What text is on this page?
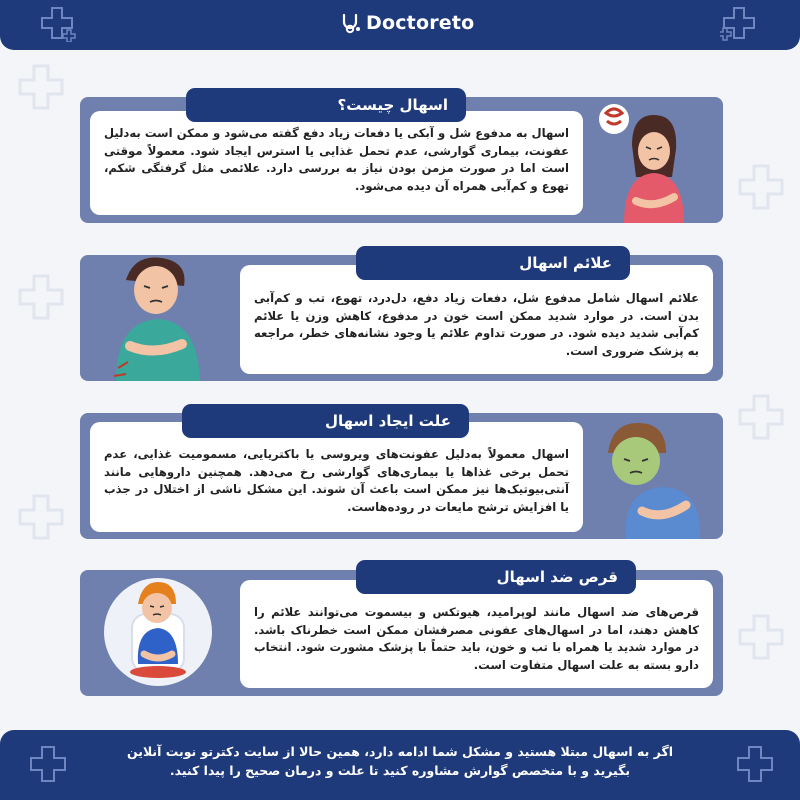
Doctoreto
اسهال به مدفوع شل و آبکی یا دفعات زیاد دفع گفته می‌شود و ممکن است به‌دلیل عفونت، بیماری گوارشی، عدم تحمل غذایی یا استرس ایجاد شود. معمولاً موقتی است اما در صورت مزمن بودن نیاز به بررسی دارد. علائمی مثل گرفتگی شکم، تهوع و کم‌آبی همراه آن دیده می‌شود.
اسهال چیست؟
علائم اسهال شامل مدفوع شل، دفعات زیاد دفع، دل‌درد، تهوع، تب و کم‌آبی بدن است. در موارد شدید ممکن است خون در مدفوع، کاهش وزن یا علائم کم‌آبی شدید دیده شود. در صورت تداوم علائم یا وجود نشانه‌های خطر، مراجعه به پزشک ضروری است.
علائم اسهال
اسهال معمولاً به‌دلیل عفونت‌های ویروسی یا باکتریایی، مسمومیت غذایی، عدم تحمل برخی غذاها یا بیماری‌های گوارشی رخ می‌دهد. همچنین داروهایی مانند آنتی‌بیوتیک‌ها نیز ممکن است باعث آن شوند. این مشکل ناشی از اختلال در جذب یا افزایش ترشح مایعات در روده‌هاست.
علت ایجاد اسهال
قرص‌های ضد اسهال مانند لوپرامید، هیوتکس و بیسموت می‌توانند علائم را کاهش دهند، اما در اسهال‌های عفونی مصرفشان ممکن است خطرناک باشد. در موارد شدید یا همراه با تب و خون، باید حتماً با پزشک مشورت شود. انتخاب دارو بسته به علت اسهال متفاوت است.
قرص ضد اسهال
اگر به اسهال مبتلا هستید و مشکل شما ادامه دارد، همین حالا از سایت دکترتو نوبت آنلاین بگیرید و با متخصص گوارش مشاوره کنید تا علت و درمان صحیح را پیدا کنید.
